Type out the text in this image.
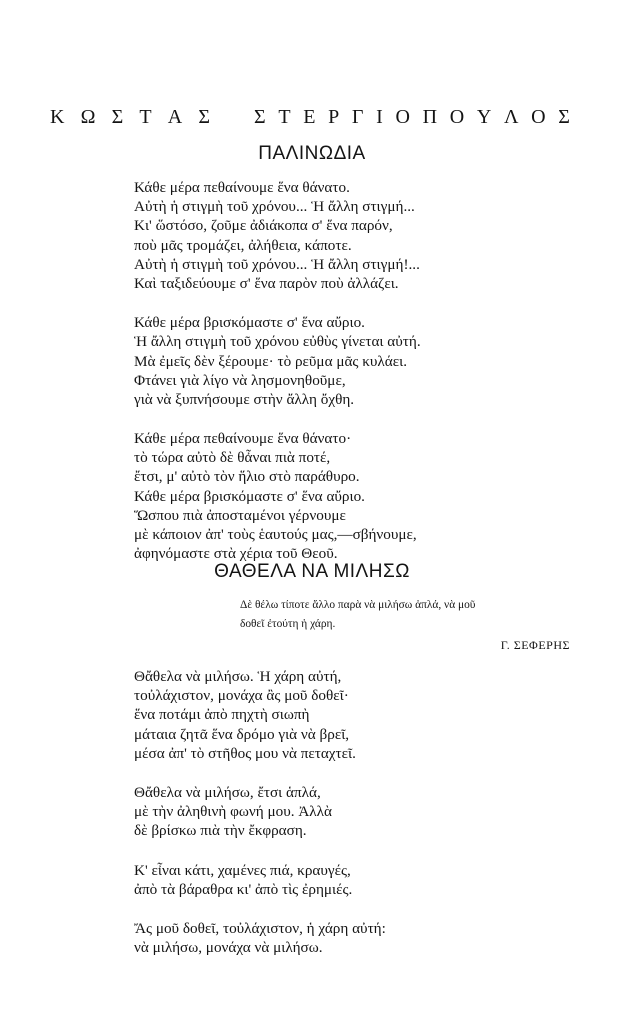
Κ Ω Σ Τ Α Σ Σ Τ Ε Ρ Γ Ι Ο Π Ο Υ Λ Ο Σ
ΠΑΛΙΝΩΔΙΑ
Κάθε μέρα πεθαίνουμε ἕνα θάνατο.
Αὐτὴ ἡ στιγμὴ τοῦ χρόνου... Ἡ ἄλλη στιγμή...
Κι' ὥστόσο, ζοῦμε ἀδιάκοπα σ' ἕνα παρόν,
ποὺ μᾶς τρομάζει, ἀλήθεια, κάποτε.
Αὐτὴ ἡ στιγμὴ τοῦ χρόνου... Ἡ ἄλλη στιγμή!...
Καὶ ταξιδεύουμε σ' ἕνα παρὸν ποὺ ἀλλάζει.
Κάθε μέρα βρισκόμαστε σ' ἕνα αὔριο.
Ἡ ἄλλη στιγμὴ τοῦ χρόνου εὐθὺς γίνεται αὐτή.
Μὰ ἐμεῖς δὲν ξέρουμε· τὸ ρεῦμα μᾶς κυλάει.
Φτάνει γιὰ λίγο νὰ λησμονηθοῦμε,
γιὰ νὰ ξυπνήσουμε στὴν ἄλλη ὄχθη.
Κάθε μέρα πεθαίνουμε ἕνα θάνατο·
τὸ τώρα αὐτὸ δὲ θἆναι πιὰ ποτέ,
ἔτσι, μ' αὐτὸ τὸν ἥλιο στὸ παράθυρο.
Κάθε μέρα βρισκόμαστε σ' ἕνα αὔριο.
Ὥσπου πιὰ ἀποσταμένοι γέρνουμε
μὲ κάποιον ἀπ' τοὺς ἑαυτούς μας,—σβήνουμε,
ἀφηνόμαστε στὰ χέρια τοῦ Θεοῦ.
ΘΑΘΕΛΑ ΝΑ ΜΙΛΗΣΩ
Δὲ θέλω τίποτε ἄλλο παρὰ νὰ μιλήσω ἁπλά, νὰ μοῦ
δοθεῖ ἐτούτη ἡ χάρη.
Γ. ΣΕΦΕΡΗΣ
Θἄθελα νὰ μιλήσω. Ἡ χάρη αὐτή,
τοὐλάχιστον, μονάχα ἂς μοῦ δοθεῖ·
ἕνα ποτάμι ἀπὸ πηχτὴ σιωπὴ
μάταια ζητᾶ ἕνα δρόμο γιὰ νὰ βρεῖ,
μέσα ἀπ' τὸ στῆθος μου νὰ πεταχτεῖ.
Θἄθελα νὰ μιλήσω, ἔτσι ἁπλά,
μὲ τὴν ἀληθινὴ φωνή μου. Ἀλλὰ
δὲ βρίσκω πιὰ τὴν ἔκφραση.
Κ' εἶναι κάτι, χαμένες πιά, κραυγές,
ἀπὸ τὰ βάραθρα κι' ἀπὸ τὶς ἐρημιές.
Ἄς μοῦ δοθεῖ, τοὐλάχιστον, ἡ χάρη αὐτή:
νὰ μιλήσω, μονάχα νὰ μιλήσω.
